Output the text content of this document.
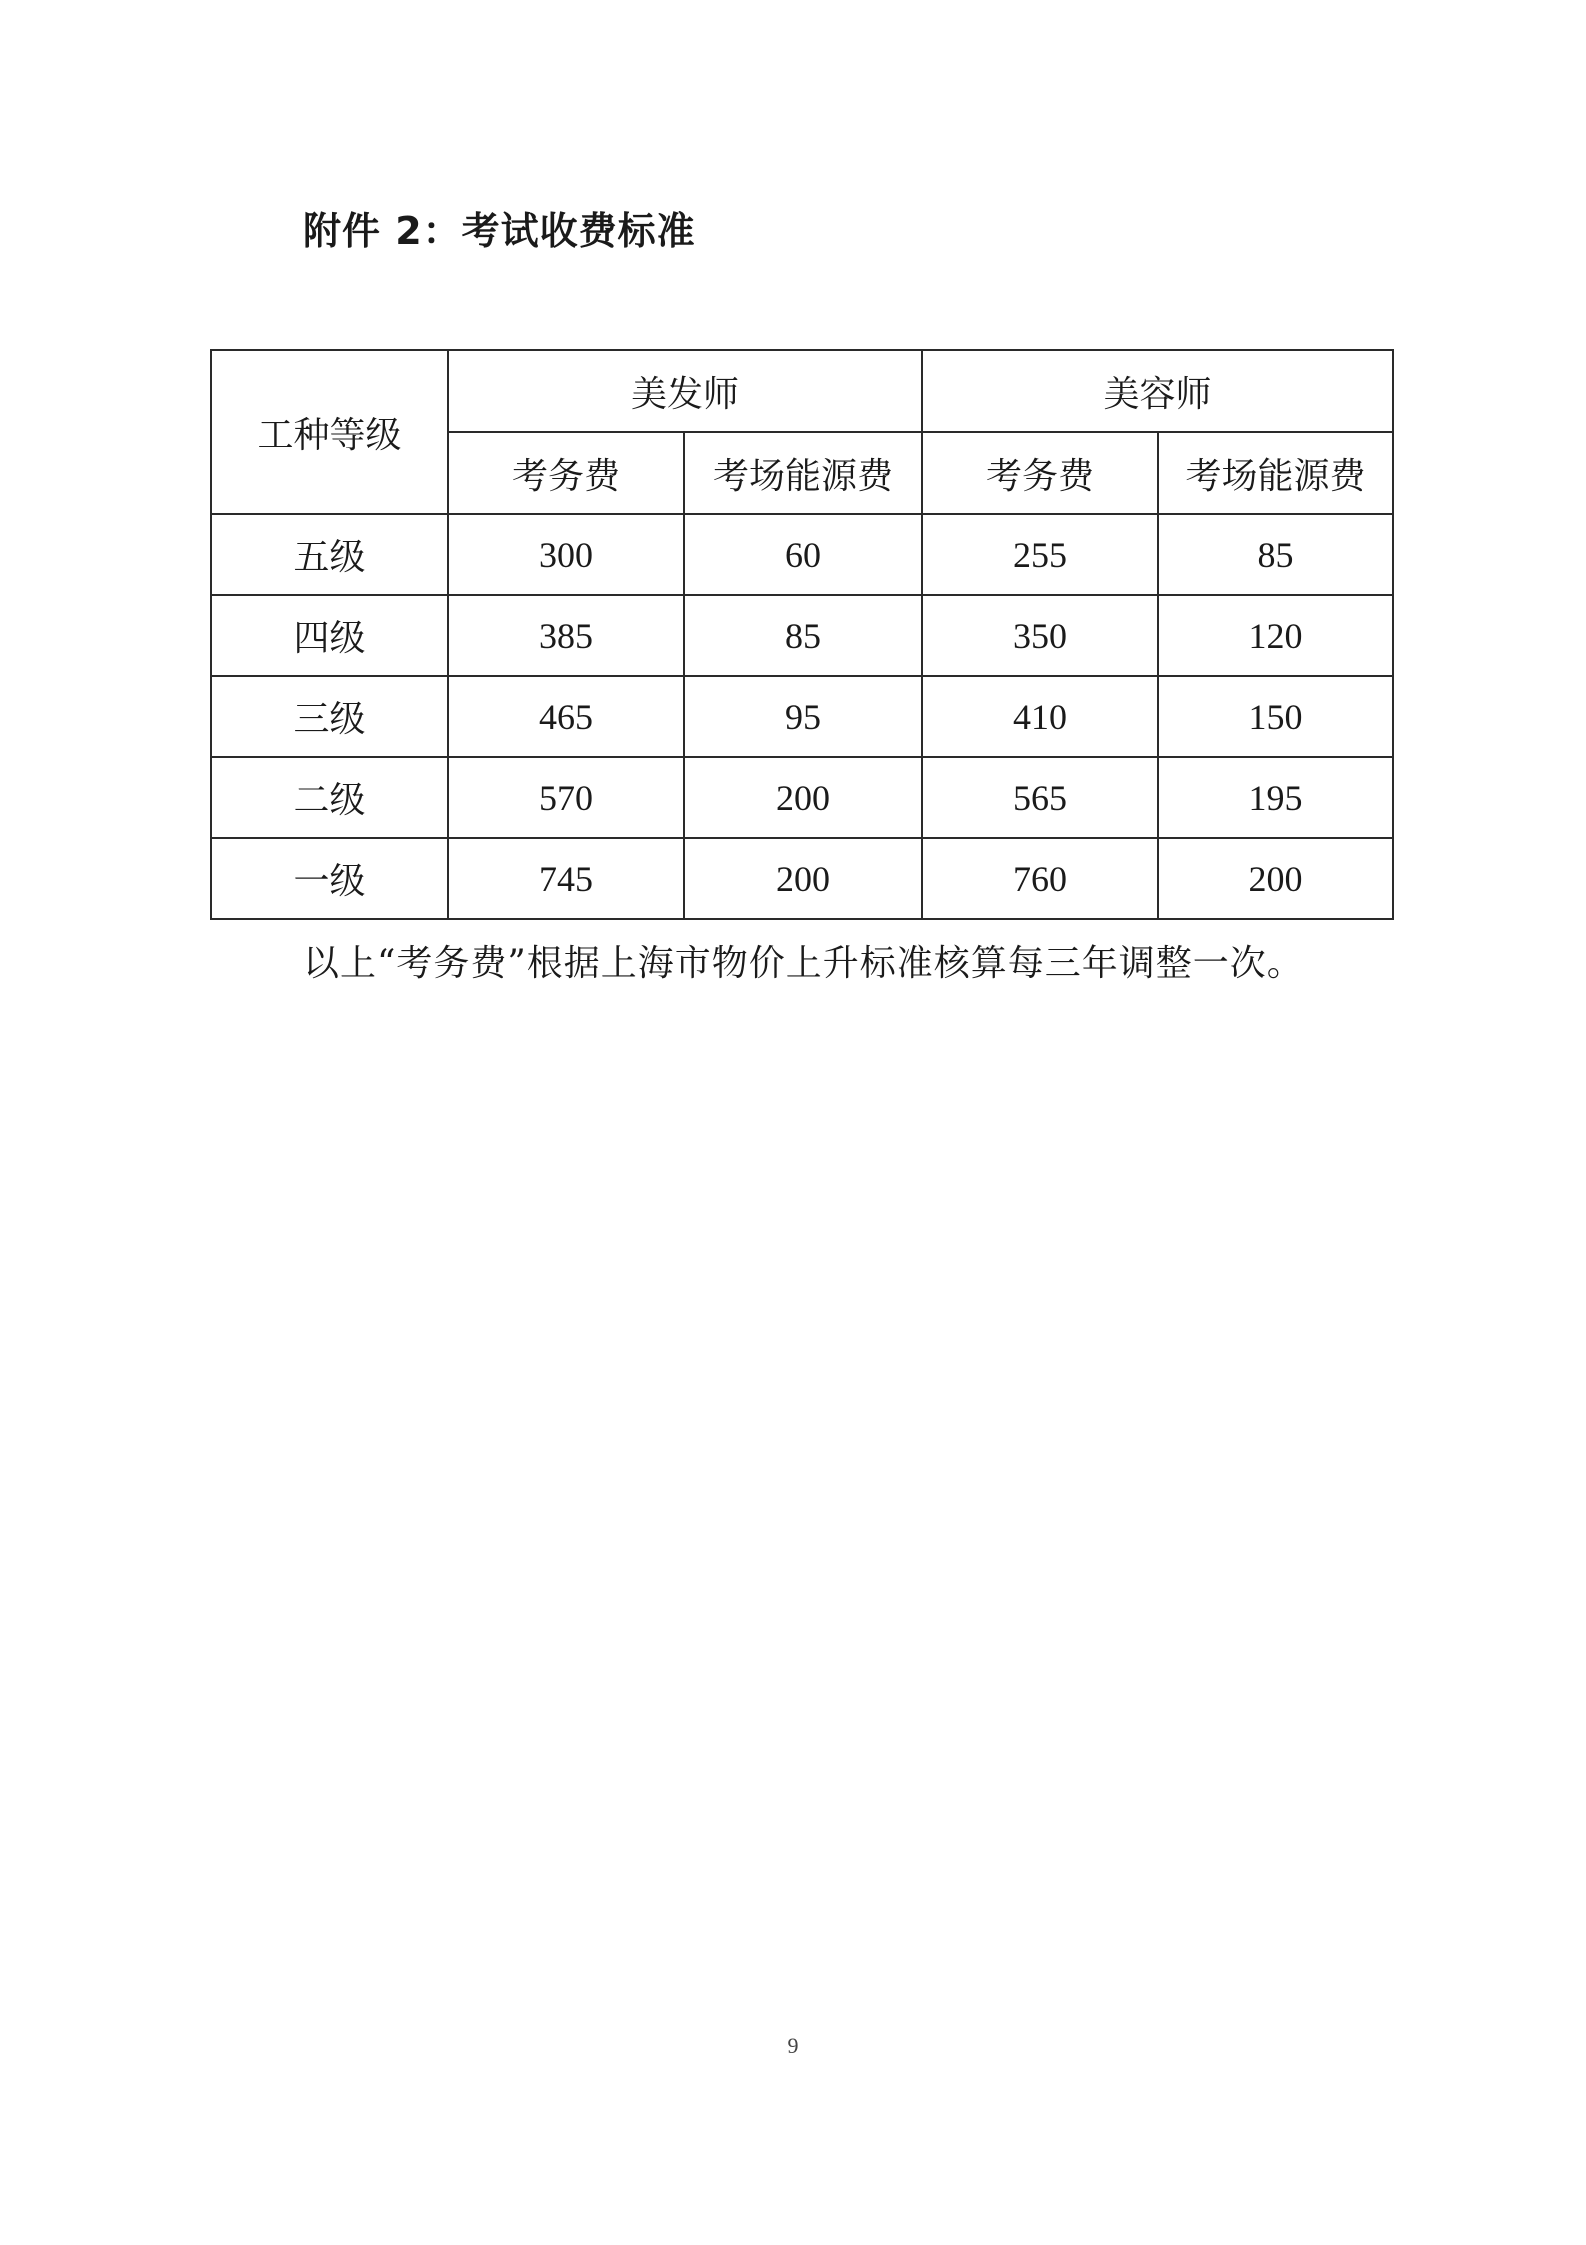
附件 2：考试收费标准
工种等级	美发师		美容师	
	考务费	考场能源费	考务费	考场能源费
五级	300	60	255	85
四级	385	85	350	120
三级	465	95	410	150
二级	570	200	565	195
一级	745	200	760	200

以上“考务费”根据上海市物价上升标准核算每三年调整一次。

9
